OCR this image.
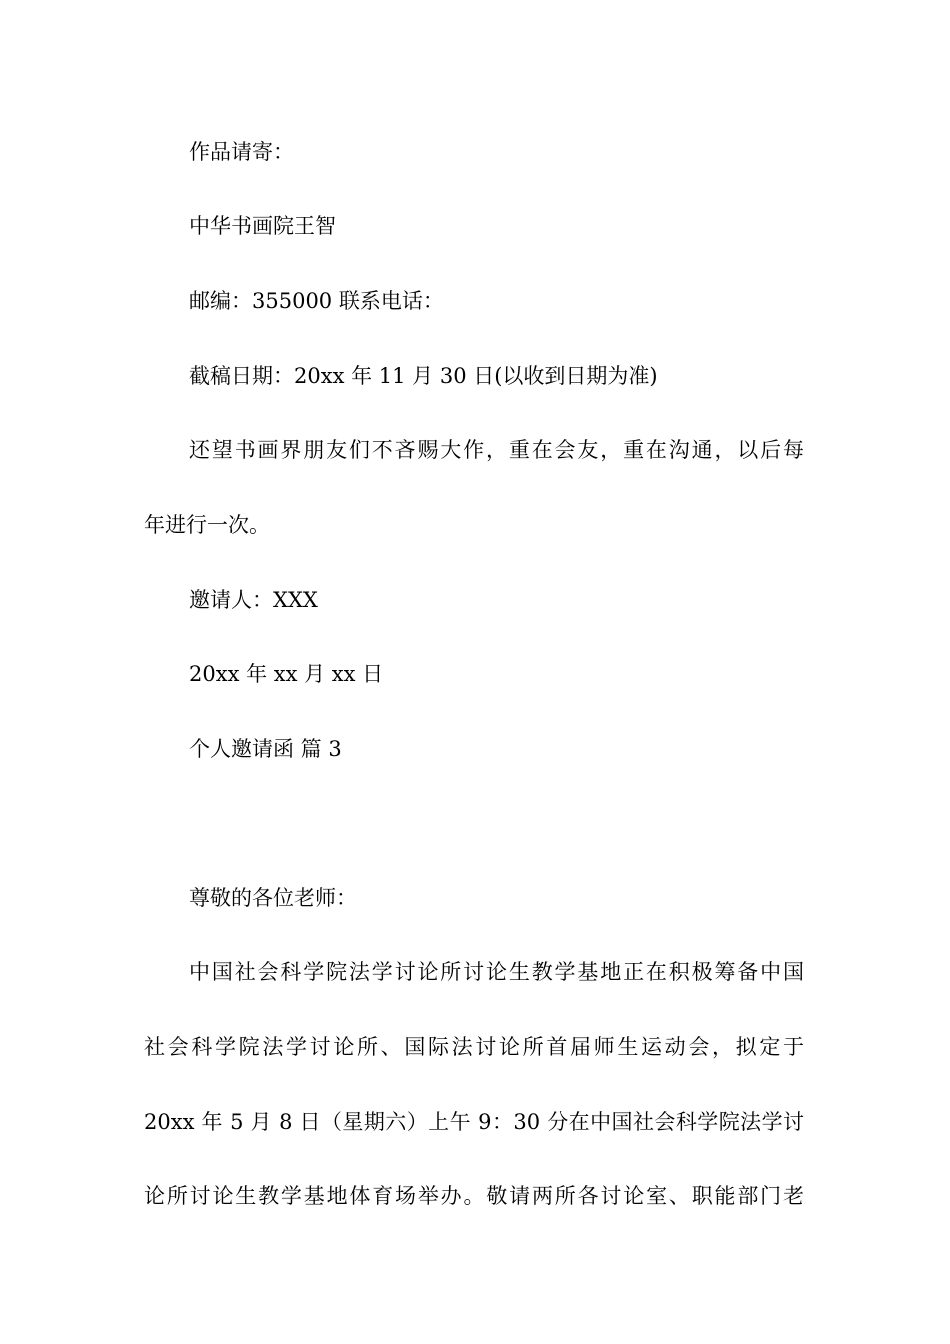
作品请寄：
中华书画院王智
邮编：355000 联系电话：
截稿日期：20xx 年 11 月 30 日(以收到日期为准)
还望书画界朋友们不吝赐大作，重在会友，重在沟通，以后每
年进行一次。
邀请人：XXX
20xx 年 xx 月 xx 日
个人邀请函 篇 3
尊敬的各位老师：
中国社会科学院法学讨论所讨论生教学基地正在积极筹备中国
社会科学院法学讨论所、国际法讨论所首届师生运动会，拟定于
20xx 年 5 月 8 日（星期六）上午 9：30 分在中国社会科学院法学讨
论所讨论生教学基地体育场举办。敬请两所各讨论室、职能部门老
